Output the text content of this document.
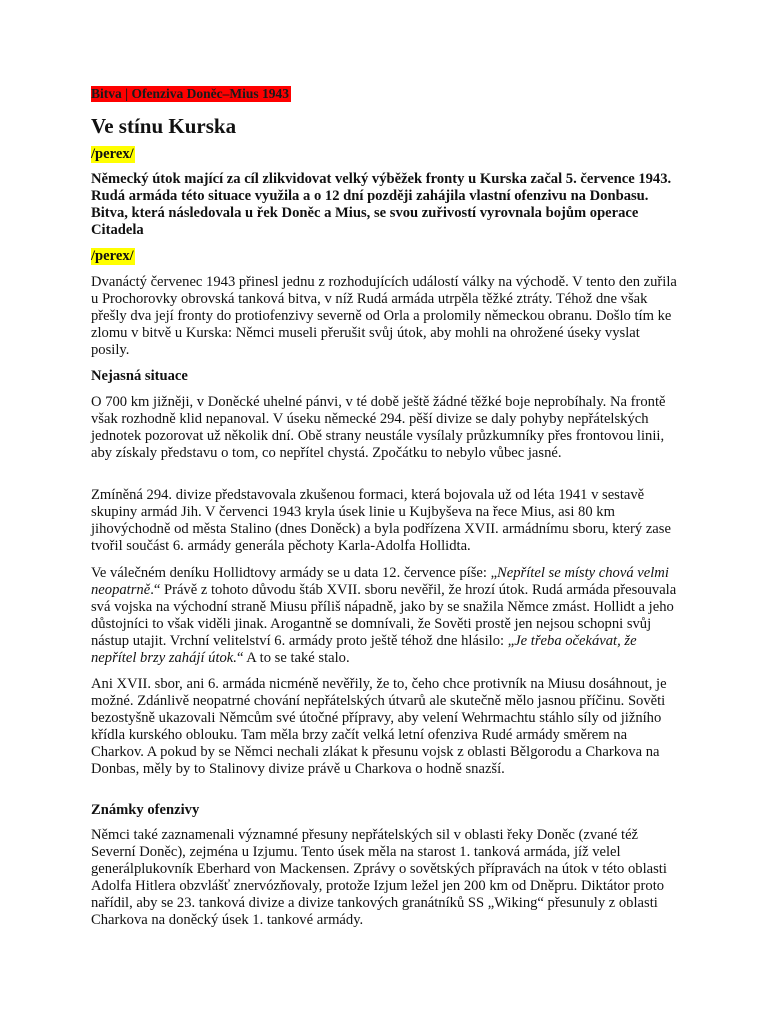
Bitva | Ofenziva Doněc–Mius 1943
Ve stínu Kurska
/perex/

Německý útok mající za cíl zlikvidovat velký výběžek fronty u Kurska začal 5. července 1943. Rudá armáda této situace využila a o 12 dní později zahájila vlastní ofenzivu na Donbasu. Bitva, která následovala u řek Doněc a Mius, se svou zuřivostí vyrovnala bojům operace Citadela

/perex/

Dvanáctý červenec 1943 přinesl jednu z rozhodujících událostí války na východě. V tento den zuřila u Prochorovky obrovská tanková bitva, v níž Rudá armáda utrpěla těžké ztráty. Téhož dne však přešly dva její fronty do protiofenzivy severně od Orla a prolomily německou obranu. Došlo tím ke zlomu v bitvě u Kurska: Němci museli přerušit svůj útok, aby mohli na ohrožené úseky vyslat posily.

Nejasná situace

O 700 km jižněji, v Doněcké uhelné pánvi, v té době ještě žádné těžké boje neprobíhaly. Na frontě však rozhodně klid nepanoval. V úseku německé 294. pěší divize se daly pohyby nepřátelských jednotek pozorovat už několik dní. Obě strany neustále vysílaly průzkumníky přes frontovou linii, aby získaly představu o tom, co nepřítel chystá. Zpočátku to nebylo vůbec jasné.

Zmíněná 294. divize představovala zkušenou formaci, která bojovala už od léta 1941 v sestavě skupiny armád Jih. V červenci 1943 kryla úsek linie u Kujbyševa na řece Mius, asi 80 km jihovýchodně od města Stalino (dnes Doněck) a byla podřízena XVII. armádnímu sboru, který zase tvořil součást 6. armády generála pěchoty Karla-Adolfa Hollidta.

Ve válečném deníku Hollidtovy armády se u data 12. července píše: „Nepřítel se místy chová velmi neopatrně.“ Právě z tohoto důvodu štáb XVII. sboru nevěřil, že hrozí útok. Rudá armáda přesouvala svá vojska na východní straně Miusu příliš nápadně, jako by se snažila Němce zmást. Hollidt a jeho důstojníci to však viděli jinak. Arogantně se domnívali, že Sověti prostě jen nejsou schopni svůj nástup utajit. Vrchní velitelství 6. armády proto ještě téhož dne hlásilo: „Je třeba očekávat, že nepřítel brzy zahájí útok.“ A to se také stalo.

Ani XVII. sbor, ani 6. armáda nicméně nevěřily, že to, čeho chce protivník na Miusu dosáhnout, je možné. Zdánlivě neopatrné chování nepřátelských útvarů ale skutečně mělo jasnou příčinu. Sověti bezostyšně ukazovali Němcům své útočné přípravy, aby velení Wehrmachtu stáhlo síly od jižního křídla kurského oblouku. Tam měla brzy začít velká letní ofenziva Rudé armády směrem na Charkov. A pokud by se Němci nechali zlákat k přesunu vojsk z oblasti Bělgorodu a Charkova na Donbas, měly by to Stalinovy divize právě u Charkova o hodně snazší.

Známky ofenzivy

Němci také zaznamenali významné přesuny nepřátelských sil v oblasti řeky Doněc (zvané též Severní Doněc), zejména u Izjumu. Tento úsek měla na starost 1. tanková armáda, jíž velel generálplukovník Eberhard von Mackensen. Zprávy o sovětských přípravách na útok v této oblasti Adolfa Hitlera obzvlášť znervózňovaly, protože Izjum ležel jen 200 km od Dněpru. Diktátor proto nařídil, aby se 23. tanková divize a divize tankových granátníků SS „Wiking“ přesunuly z oblasti Charkova na doněcký úsek 1. tankové armády.
